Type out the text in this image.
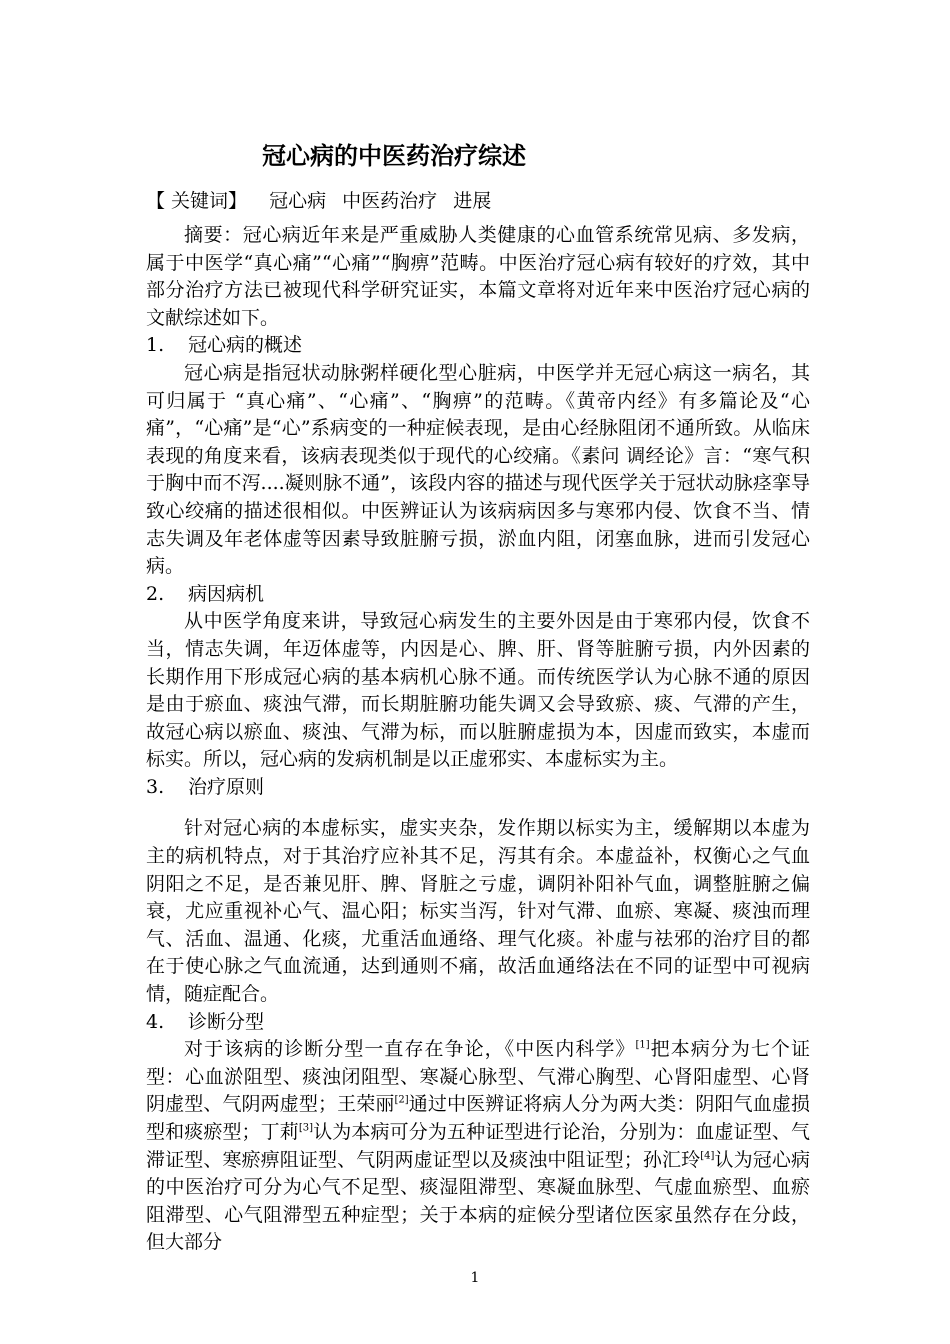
冠心病的中医药治疗综述
【 关键词】 冠心病 中医药治疗 进展

摘要：冠心病近年来是严重威胁人类健康的心血管系统常见病、多发病，属于中医学“真心痛”“心痛”“胸痹”范畴。中医治疗冠心病有较好的疗效，其中部分治疗方法已被现代科学研究证实，本篇文章将对近年来中医治疗冠心病的文献综述如下。

1. 冠心病的概述

冠心病是指冠状动脉粥样硬化型心脏病，中医学并无冠心病这一病名，其可归属于 “真心痛”、“心痛”、“胸痹”的范畴。《黄帝内经》有多篇论及“心痛”，“心痛”是“心”系病变的一种症候表现，是由心经脉阻闭不通所致。从临床表现的角度来看，该病表现类似于现代的心绞痛。《素问 调经论》言：“寒气积于胸中而不泻....凝则脉不通”，该段内容的描述与现代医学关于冠状动脉痉挛导致心绞痛的描述很相似。中医辨证认为该病病因多与寒邪内侵、饮食不当、情志失调及年老体虚等因素导致脏腑亏损，淤血内阻，闭塞血脉，进而引发冠心病。

2. 病因病机

从中医学角度来讲，导致冠心病发生的主要外因是由于寒邪内侵，饮食不当，情志失调，年迈体虚等，内因是心、脾、肝、肾等脏腑亏损，内外因素的长期作用下形成冠心病的基本病机心脉不通。而传统医学认为心脉不通的原因是由于瘀血、痰浊气滞，而长期脏腑功能失调又会导致瘀、痰、气滞的产生，故冠心病以瘀血、痰浊、气滞为标，而以脏腑虚损为本，因虚而致实，本虚而标实。所以，冠心病的发病机制是以正虚邪实、本虚标实为主。

3. 治疗原则

针对冠心病的本虚标实，虚实夹杂，发作期以标实为主，缓解期以本虚为主的病机特点，对于其治疗应补其不足，泻其有余。本虚益补，权衡心之气血阴阳之不足，是否兼见肝、脾、肾脏之亏虚，调阴补阳补气血，调整脏腑之偏衰，尤应重视补心气、温心阳；标实当泻，针对气滞、血瘀、寒凝、痰浊而理气、活血、温通、化痰，尤重活血通络、理气化痰。补虚与祛邪的治疗目的都在于使心脉之气血流通，达到通则不痛，故活血通络法在不同的证型中可视病情，随症配合。

4. 诊断分型

对于该病的诊断分型一直存在争论，《中医内科学》[1]把本病分为七个证型：心血淤阻型、痰浊闭阻型、寒凝心脉型、气滞心胸型、心肾阳虚型、心肾阴虚型、气阴两虚型；王荣丽[2]通过中医辨证将病人分为两大类：阴阳气血虚损型和痰瘀型；丁莉[3]认为本病可分为五种证型进行论治，分别为：血虚证型、气滞证型、寒瘀痹阻证型、气阴两虚证型以及痰浊中阻证型；孙汇玲[4]认为冠心病的中医治疗可分为心气不足型、痰湿阻滞型、寒凝血脉型、气虚血瘀型、血瘀阻滞型、心气阻滞型五种症型；关于本病的症候分型诸位医家虽然存在分歧，但大部分

1
